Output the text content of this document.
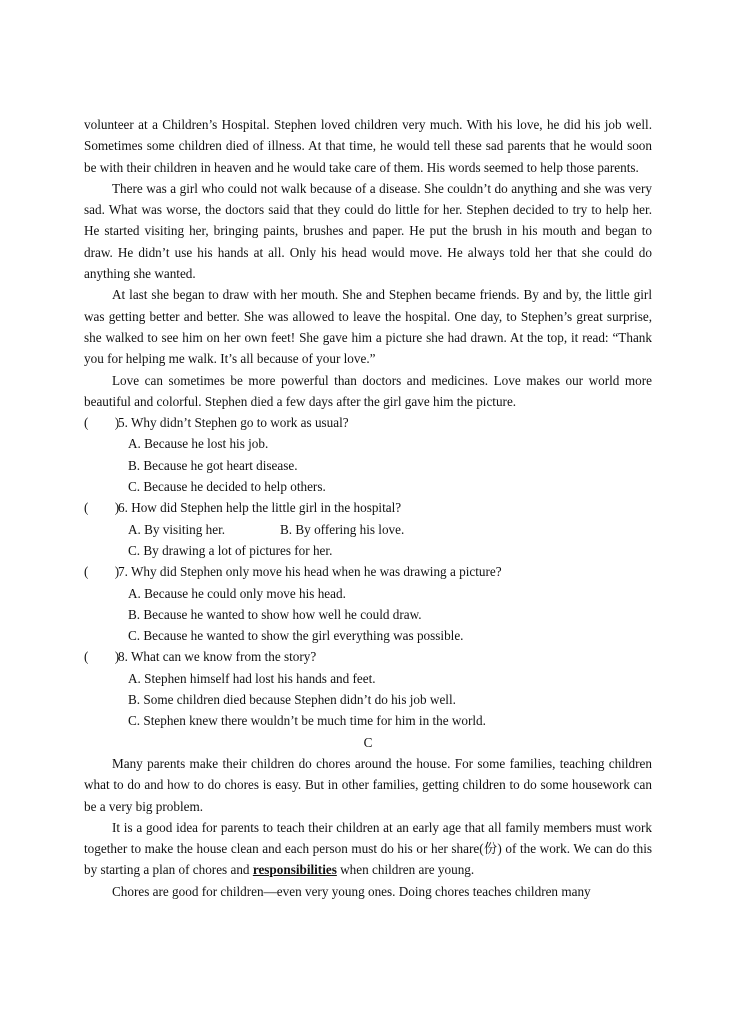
volunteer at a Children’s Hospital. Stephen loved children very much. With his love, he did his job well. Sometimes some children died of illness. At that time, he would tell these sad parents that he would soon be with their children in heaven and he would take care of them. His words seemed to help those parents.

There was a girl who could not walk because of a disease. She couldn’t do anything and she was very sad. What was worse, the doctors said that they could do little for her. Stephen decided to try to help her. He started visiting her, bringing paints, brushes and paper. He put the brush in his mouth and began to draw. He didn’t use his hands at all. Only his head would move. He always told her that she could do anything she wanted.

At last she began to draw with her mouth. She and Stephen became friends. By and by, the little girl was getting better and better. She was allowed to leave the hospital. One day, to Stephen’s great surprise, she walked to see him on her own feet! She gave him a picture she had drawn. At the top, it read: “Thank you for helping me walk. It’s all because of your love.”

Love can sometimes be more powerful than doctors and medicines. Love makes our world more beautiful and colorful. Stephen died a few days after the girl gave him the picture.

(        )
5. Why didn’t Stephen go to work as usual?

A. Because he lost his job.

B. Because he got heart disease.

C. Because he decided to help others.

(        )
6. How did Stephen help the little girl in the hospital?
A. By visiting her.	B. By offering his love.

C. By drawing a lot of pictures for her.

(        )
7. Why did Stephen only move his head when he was drawing a picture?

A. Because he could only move his head.

B. Because he wanted to show how well he could draw.

C. Because he wanted to show the girl everything was possible.

(        )
8. What can we know from the story?

A. Stephen himself had lost his hands and feet.

B. Some children died because Stephen didn’t do his job well.

C. Stephen knew there wouldn’t be much time for him in the world.

C

Many parents make their children do chores around the house. For some families, teaching children what to do and how to do chores is easy. But in other families, getting children to do some housework can be a very big problem.

It is a good idea for parents to teach their children at an early age that all family members must work together to make the house clean and each person must do his or her share(份) of the work. We can do this by starting a plan of chores and responsibilities when children are young.

Chores are good for children—even very young ones. Doing chores teaches children many
